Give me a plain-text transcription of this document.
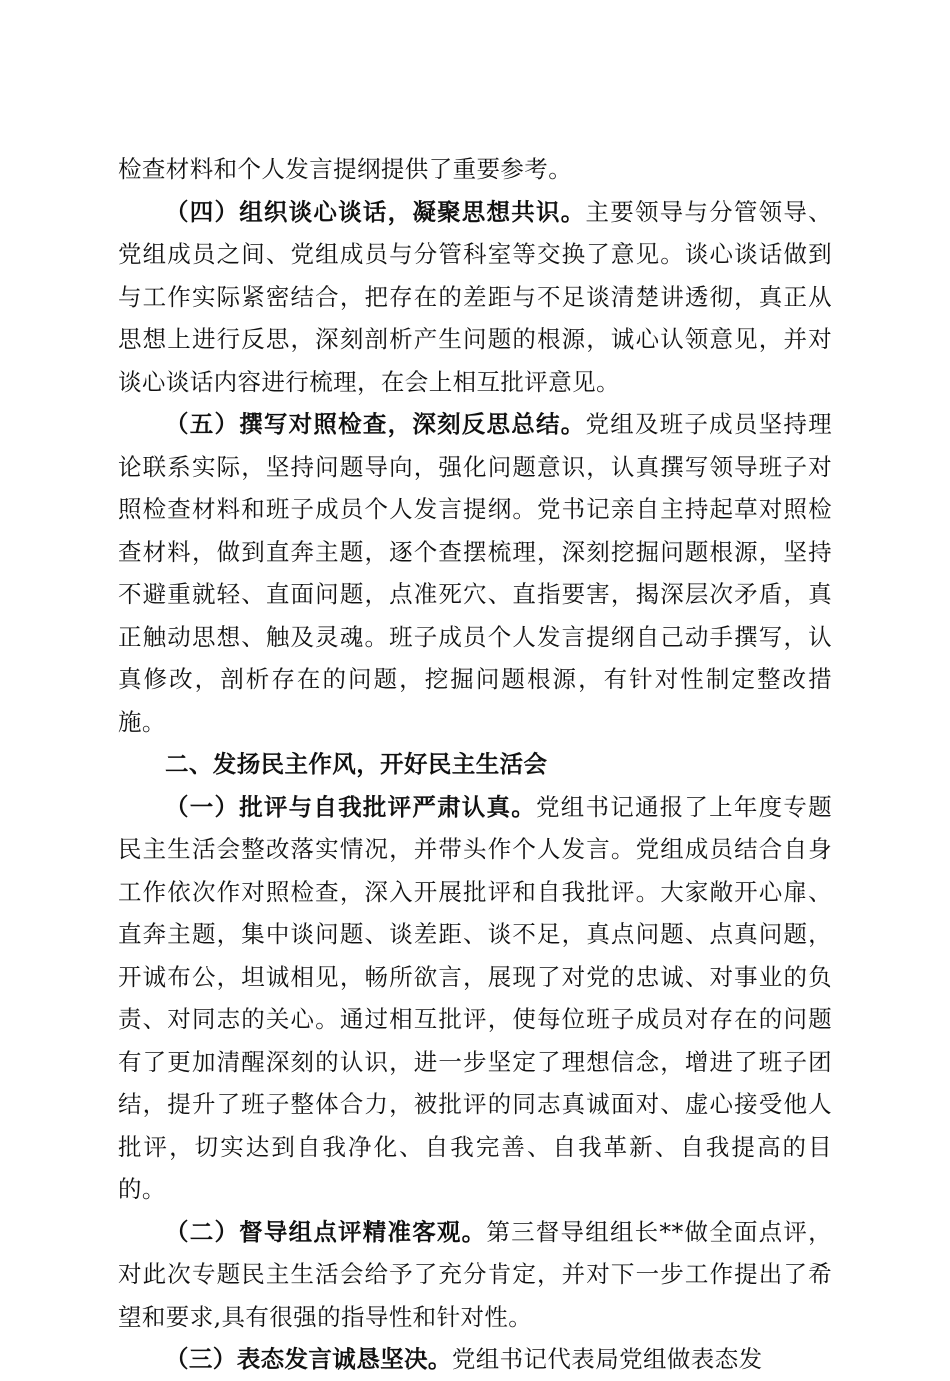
检查材料和个人发言提纲提供了重要参考。

（四）组织谈心谈话，凝聚思想共识。主要领导与分管领导、党组成员之间、党组成员与分管科室等交换了意见。谈心谈话做到与工作实际紧密结合，把存在的差距与不足谈清楚讲透彻，真正从思想上进行反思，深刻剖析产生问题的根源，诚心认领意见，并对谈心谈话内容进行梳理，在会上相互批评意见。

（五）撰写对照检查，深刻反思总结。党组及班子成员坚持理论联系实际，坚持问题导向，强化问题意识，认真撰写领导班子对照检查材料和班子成员个人发言提纲。党书记亲自主持起草对照检查材料，做到直奔主题，逐个查摆梳理，深刻挖掘问题根源，坚持不避重就轻、直面问题，点准死穴、直指要害，揭深层次矛盾，真正触动思想、触及灵魂。班子成员个人发言提纲自己动手撰写，认真修改，剖析存在的问题，挖掘问题根源，有针对性制定整改措施。

二、发扬民主作风，开好民主生活会

（一）批评与自我批评严肃认真。党组书记通报了上年度专题民主生活会整改落实情况，并带头作个人发言。党组成员结合自身工作依次作对照检查，深入开展批评和自我批评。大家敞开心扉、直奔主题，集中谈问题、谈差距、谈不足，真点问题、点真问题，开诚布公，坦诚相见，畅所欲言，展现了对党的忠诚、对事业的负责、对同志的关心。通过相互批评，使每位班子成员对存在的问题有了更加清醒深刻的认识，进一步坚定了理想信念，增进了班子团结，提升了班子整体合力，被批评的同志真诚面对、虚心接受他人批评，切实达到自我净化、自我完善、自我革新、自我提高的目的。

（二）督导组点评精准客观。第三督导组组长**做全面点评，对此次专题民主生活会给予了充分肯定，并对下一步工作提出了希望和要求,具有很强的指导性和针对性。

（三）表态发言诚恳坚决。党组书记代表局党组做表态发
